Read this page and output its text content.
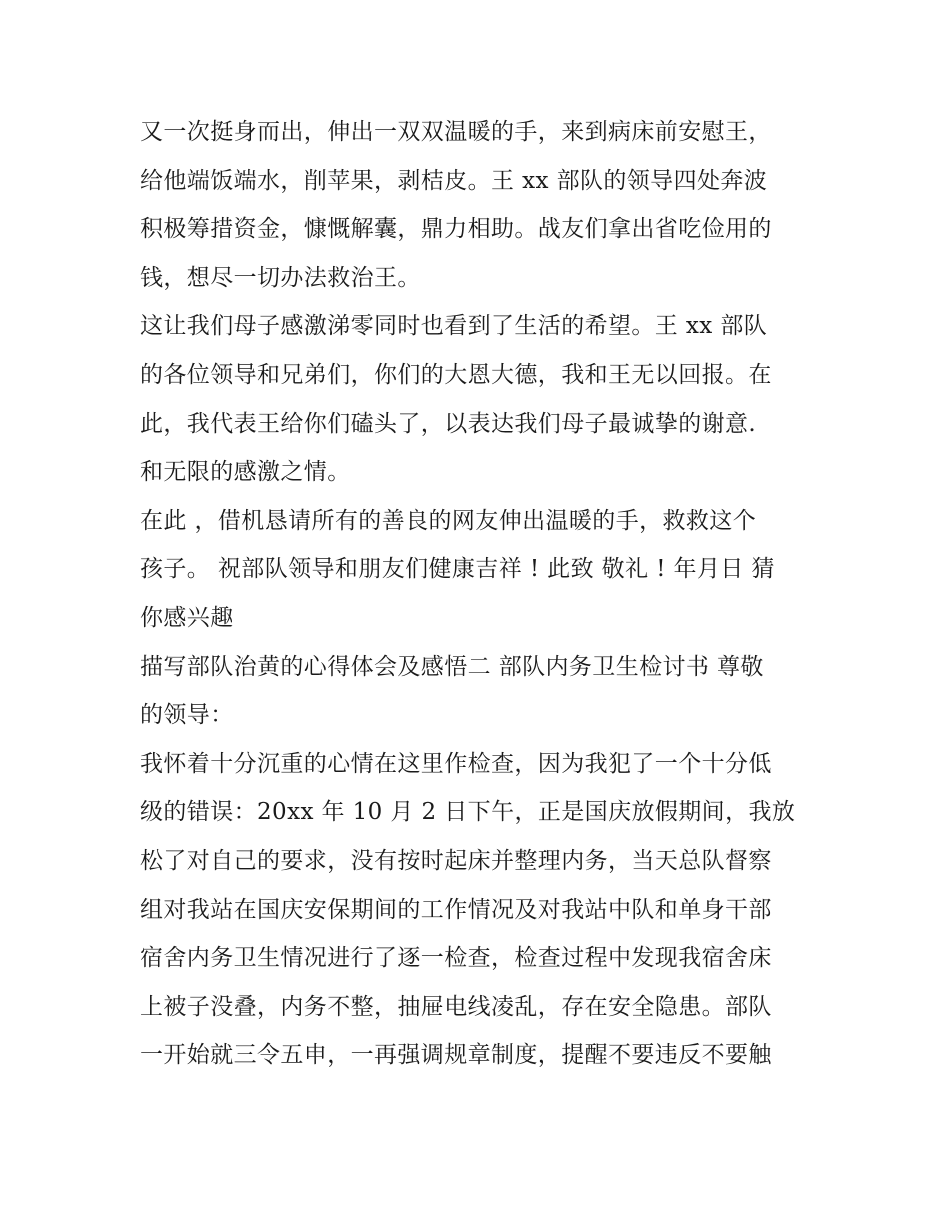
又一次挺身而出，伸出一双双温暖的手，来到病床前安慰王，
给他端饭端水，削苹果，剥桔皮。王 xx 部队的领导四处奔波
积极筹措资金，慷慨解囊，鼎力相助。战友们拿出省吃俭用的
钱，想尽一切办法救治王。
这让我们母子感激涕零同时也看到了生活的希望。王 xx 部队
的各位领导和兄弟们，你们的大恩大德，我和王无以回报。在
此，我代表王给你们磕头了，以表达我们母子最诚挚的谢意.
和无限的感激之情。
在此 ，借机恳请所有的善良的网友伸出温暖的手，救救这个
孩子。 祝部队领导和朋友们健康吉祥 ! 此致 敬礼 ! 年月日 猜
你感兴趣
描写部队治黄的心得体会及感悟二 部队内务卫生检讨书 尊敬
的领导：
我怀着十分沉重的心情在这里作检查，因为我犯了一个十分低
级的错误：20xx 年 10 月 2 日下午，正是国庆放假期间，我放
松了对自己的要求，没有按时起床并整理内务，当天总队督察
组对我站在国庆安保期间的工作情况及对我站中队和单身干部
宿舍内务卫生情况进行了逐一检查，检查过程中发现我宿舍床
上被子没叠，内务不整，抽屉电线凌乱，存在安全隐患。部队
一开始就三令五申，一再强调规章制度，提醒不要违反不要触
